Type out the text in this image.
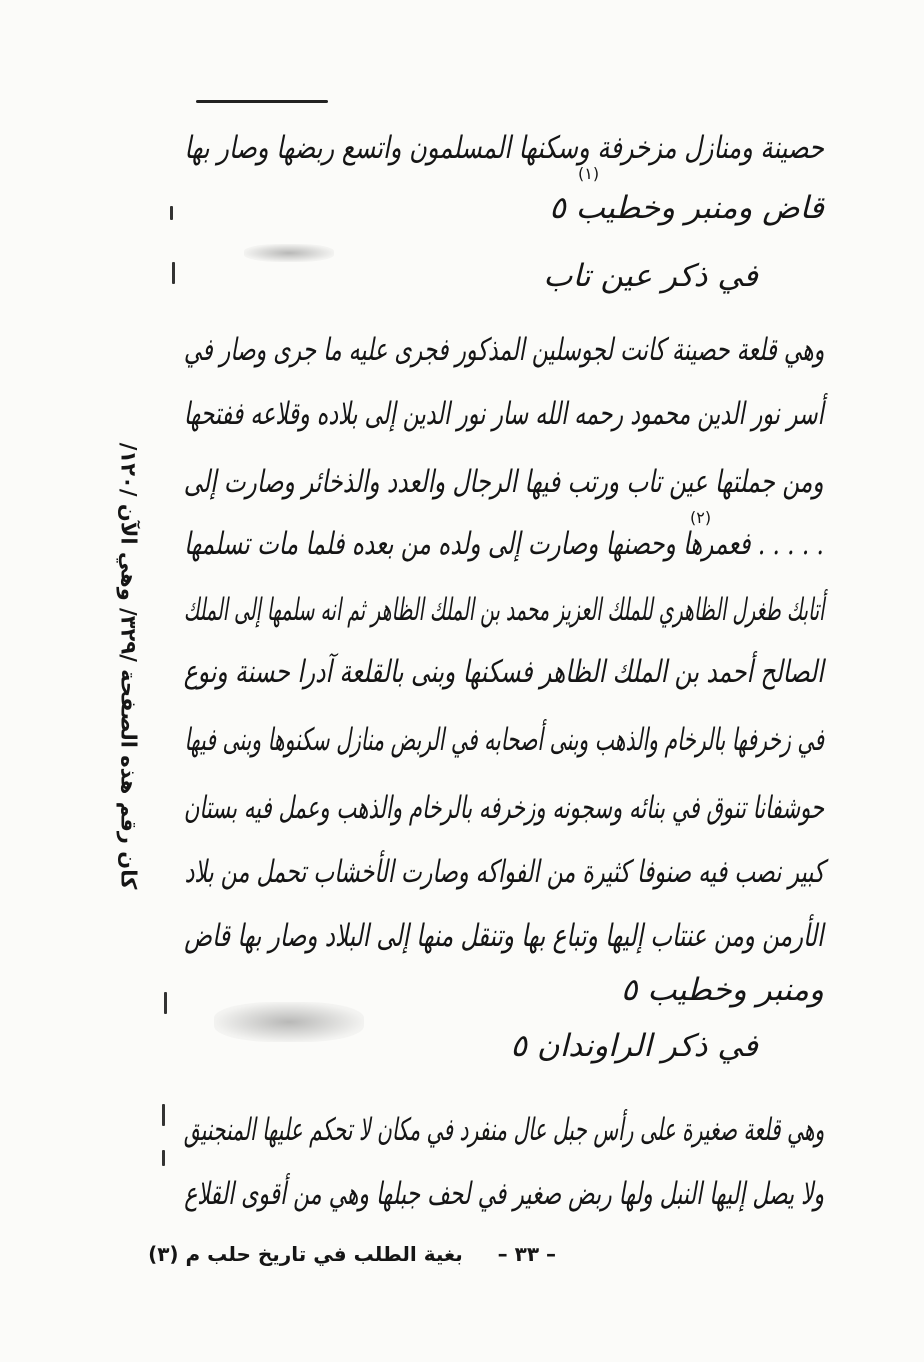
حصينة ومنازل مزخرفة وسكنها المسلمون واتسع ربضها وصار بها
(١)
قاض ومنبر وخطيب ٥
في ذكر عين تاب
وهي قلعة حصينة كانت لجوسلين المذكور فجرى عليه ما جرى وصار في
أسر نور الدين محمود رحمه الله سار نور الدين إلى بلاده وقلاعه ففتحها
ومن جملتها عين تاب ورتب فيها الرجال والعدد والذخائر وصارت إلى
(٢)
. . . . . فعمرها وحصنها وصارت إلى ولده من بعده فلما مات تسلمها
أتابك طغرل الظاهري للملك العزيز محمد بن الملك الظاهر ثم انه سلمها إلى الملك
الصالح أحمد بن الملك الظاهر فسكنها وبنى بالقلعة آدرا حسنة ونوع
في زخرفها بالرخام والذهب وبنى أصحابه في الربض منازل سكنوها وبنى فيها
حوشفانا تنوق في بنائه وسجونه وزخرفه بالرخام والذهب وعمل فيه بستان
كبير نصب فيه صنوفا كثيرة من الفواكه وصارت الأخشاب تحمل من بلاد
الأرمن ومن عنتاب إليها وتباع بها وتنقل منها إلى البلاد وصار بها قاض
ومنبر وخطيب ٥
في ذكر الراوندان ٥
وهي قلعة صغيرة على رأس جبل عال منفرد في مكان لا تحكم عليها المنجنيق
ولا يصل إليها النبل ولها ربض صغير في لحف جبلها وهي من أقوى القلاع
كان رقم هذه الصفحة /٣٢٩/ وهي الآن /١٢٠/
– ٣٣ –     بغية الطلب في تاريخ حلب م (٣)
